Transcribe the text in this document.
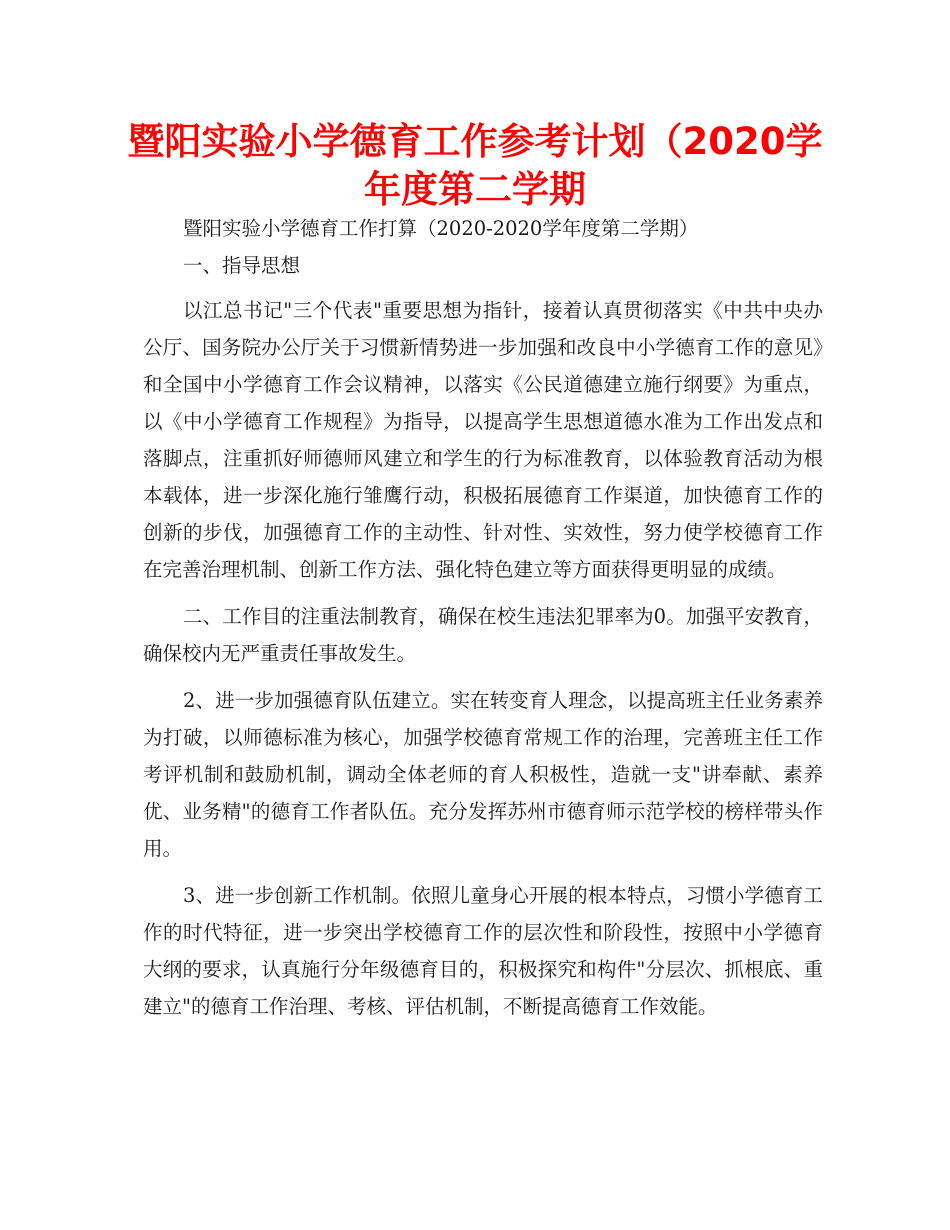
暨阳实验小学德育工作参考计划（2020学年度第二学期

暨阳实验小学德育工作打算（2020-2020学年度第二学期）

一、指导思想

以江总书记"三个代表"重要思想为指针，接着认真贯彻落实《中共中央办公厅、国务院办公厅关于习惯新情势进一步加强和改良中小学德育工作的意见》和全国中小学德育工作会议精神，以落实《公民道德建立施行纲要》为重点，以《中小学德育工作规程》为指导，以提高学生思想道德水准为工作出发点和落脚点，注重抓好师德师风建立和学生的行为标准教育，以体验教育活动为根本载体，进一步深化施行雏鹰行动，积极拓展德育工作渠道，加快德育工作的创新的步伐，加强德育工作的主动性、针对性、实效性，努力使学校德育工作在完善治理机制、创新工作方法、强化特色建立等方面获得更明显的成绩。

二、工作目的注重法制教育，确保在校生违法犯罪率为0。加强平安教育，确保校内无严重责任事故发生。

2、进一步加强德育队伍建立。实在转变育人理念，以提高班主任业务素养为打破，以师德标准为核心，加强学校德育常规工作的治理，完善班主任工作考评机制和鼓励机制，调动全体老师的育人积极性，造就一支"讲奉献、素养优、业务精"的德育工作者队伍。充分发挥苏州市德育师示范学校的榜样带头作用。

3、进一步创新工作机制。依照儿童身心开展的根本特点，习惯小学德育工作的时代特征，进一步突出学校德育工作的层次性和阶段性，按照中小学德育大纲的要求，认真施行分年级德育目的，积极探究和构件"分层次、抓根底、重建立"的德育工作治理、考核、评估机制，不断提高德育工作效能。
